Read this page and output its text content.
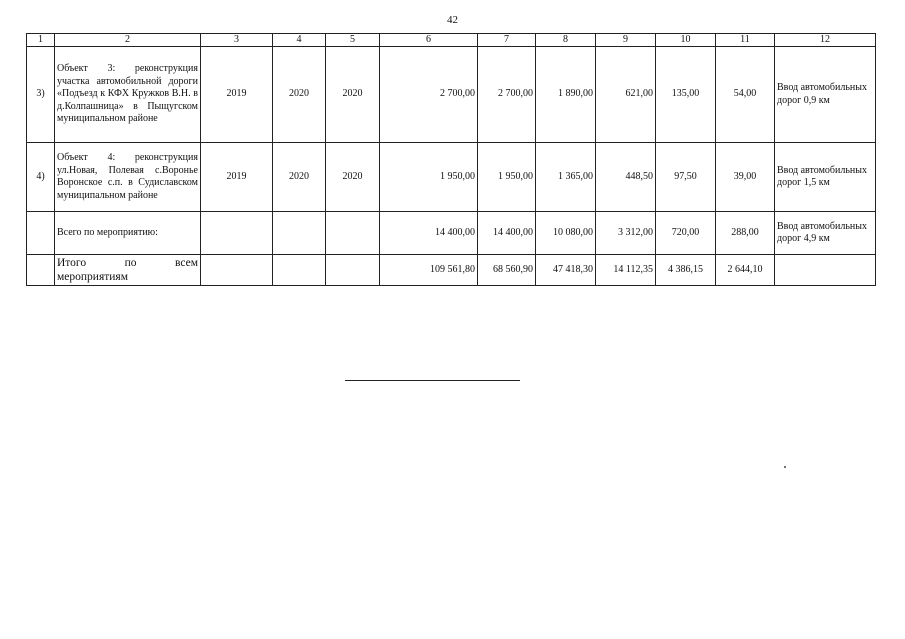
42
1	2	3	4	5	6	7	8	9	10	11	12
3)	Объект 3: реконструкция участка автомобильной дороги «Подъезд к КФХ Кружков В.Н. в д.Колпашница» в Пыщугском муниципальном районе	2019	2020	2020	2 700,00	2 700,00	1 890,00	621,00	135,00	54,00	Ввод автомобильных дорог 0,9 км
4)	Объект 4: реконструкция ул.Новая, Полевая с.Воронье Воронское с.п. в Судиславском муниципальном районе	2019	2020	2020	1 950,00	1 950,00	1 365,00	448,50	97,50	39,00	Ввод автомобильных дорог 1,5 км
	Всего по мероприятию:				14 400,00	14 400,00	10 080,00	3 312,00	720,00	288,00	Ввод автомобильных дорог 4,9 км
	Итого по всем мероприятиям				109 561,80	68 560,90	47 418,30	14 112,35	4 386,15	2 644,10	
